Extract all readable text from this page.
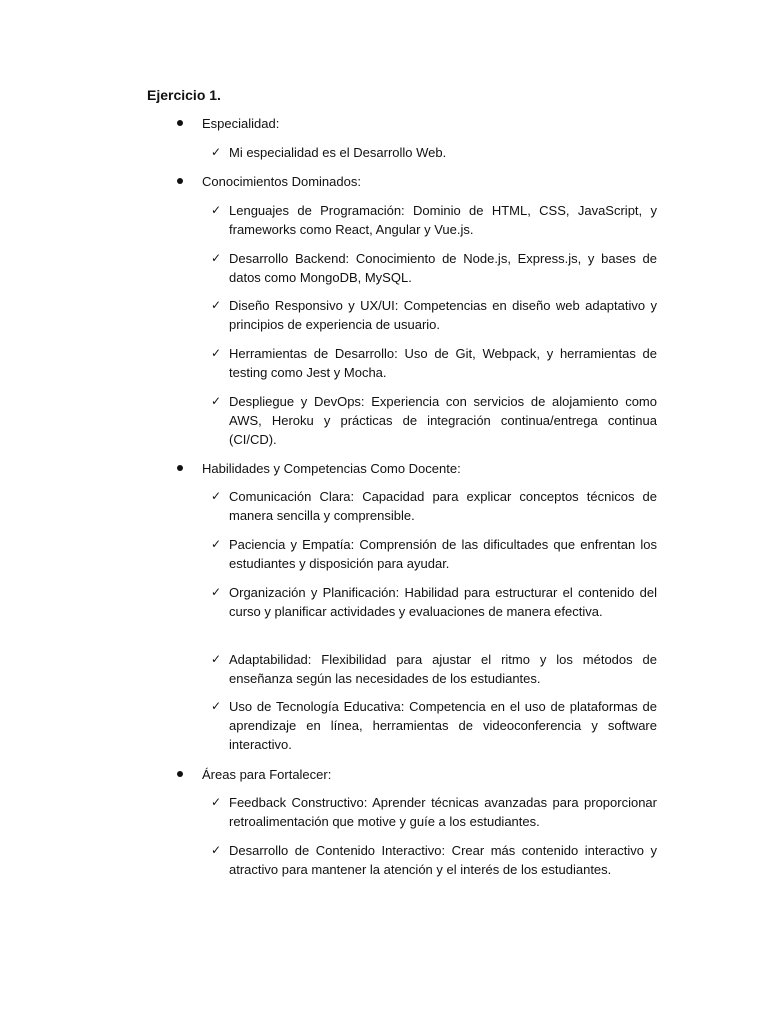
Ejercicio 1.
Especialidad:
✓ Mi especialidad es el Desarrollo Web.
Conocimientos Dominados:
✓ Lenguajes de Programación: Dominio de HTML, CSS, JavaScript, y frameworks como React, Angular y Vue.js.
✓ Desarrollo Backend: Conocimiento de Node.js, Express.js, y bases de datos como MongoDB, MySQL.
✓ Diseño Responsivo y UX/UI: Competencias en diseño web adaptativo y principios de experiencia de usuario.
✓ Herramientas de Desarrollo: Uso de Git, Webpack, y herramientas de testing como Jest y Mocha.
✓ Despliegue y DevOps: Experiencia con servicios de alojamiento como AWS, Heroku y prácticas de integración continua/entrega continua (CI/CD).
Habilidades y Competencias Como Docente:
✓ Comunicación Clara: Capacidad para explicar conceptos técnicos de manera sencilla y comprensible.
✓ Paciencia y Empatía: Comprensión de las dificultades que enfrentan los estudiantes y disposición para ayudar.
✓ Organización y Planificación: Habilidad para estructurar el contenido del curso y planificar actividades y evaluaciones de manera efectiva.
✓ Adaptabilidad: Flexibilidad para ajustar el ritmo y los métodos de enseñanza según las necesidades de los estudiantes.
✓ Uso de Tecnología Educativa: Competencia en el uso de plataformas de aprendizaje en línea, herramientas de videoconferencia y software interactivo.
Áreas para Fortalecer:
✓ Feedback Constructivo: Aprender técnicas avanzadas para proporcionar retroalimentación que motive y guíe a los estudiantes.
✓ Desarrollo de Contenido Interactivo: Crear más contenido interactivo y atractivo para mantener la atención y el interés de los estudiantes.
